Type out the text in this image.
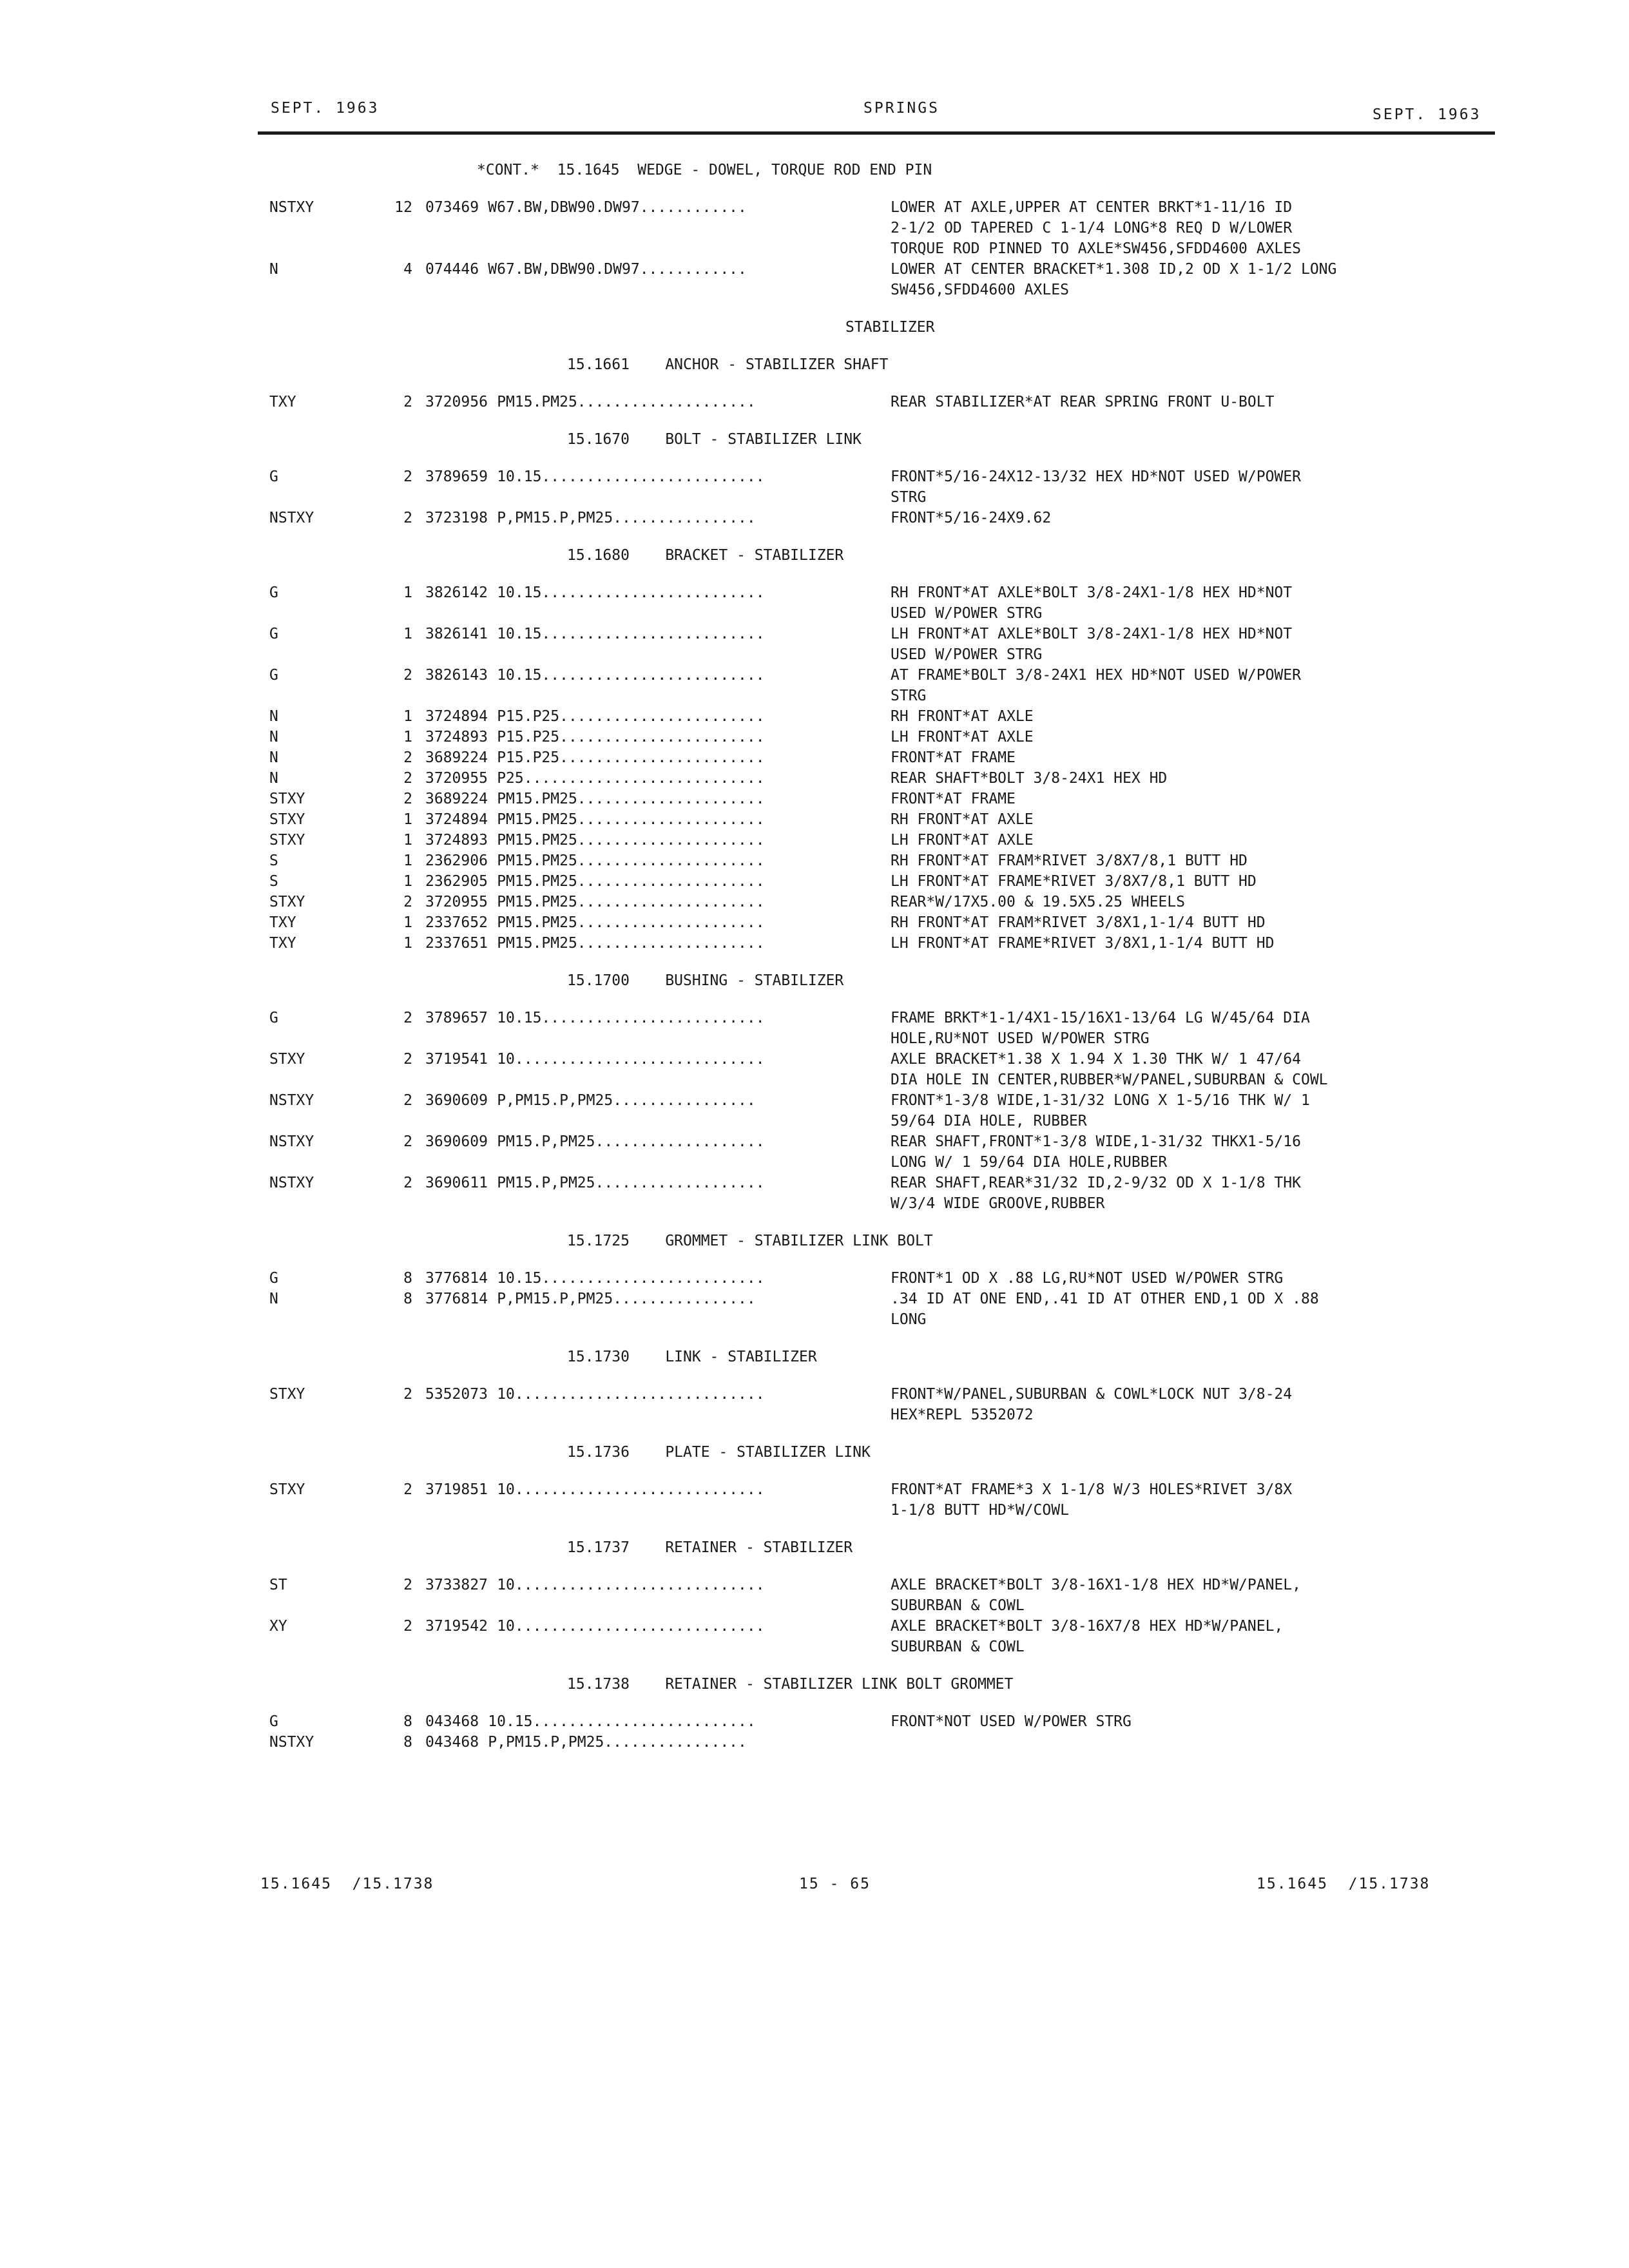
SEPT. 1963	SPRINGS	SEPT. 1963
*CONT.*  15.1645  WEDGE - DOWEL, TORQUE ROD END PIN
NSTXY	12 073469 W67.BW,DBW90.DW97............	LOWER AT AXLE,UPPER AT CENTER BRKT*1-11/16 ID
2-1/2 OD TAPERED C 1-1/4 LONG*8 REQ D W/LOWER
TORQUE ROD PINNED TO AXLE*SW456,SFDD4600 AXLES
N	4 074446 W67.BW,DBW90.DW97............	LOWER AT CENTER BRACKET*1.308 ID,2 OD X 1-1/2 LONG
SW456,SFDD4600 AXLES
STABILIZER
15.1661    ANCHOR - STABILIZER SHAFT
TXY	2 3720956 PM15.PM25....................	REAR STABILIZER*AT REAR SPRING FRONT U-BOLT
15.1670    BOLT - STABILIZER LINK
G	2 3789659 10.15.........................	FRONT*5/16-24X12-13/32 HEX HD*NOT USED W/POWER
STRG
NSTXY	2 3723198 P,PM15.P,PM25................	FRONT*5/16-24X9.62
15.1680    BRACKET - STABILIZER
G	1 3826142 10.15.........................	RH FRONT*AT AXLE*BOLT 3/8-24X1-1/8 HEX HD*NOT
USED W/POWER STRG
G	1 3826141 10.15.........................	LH FRONT*AT AXLE*BOLT 3/8-24X1-1/8 HEX HD*NOT
USED W/POWER STRG
G	2 3826143 10.15.........................	AT FRAME*BOLT 3/8-24X1 HEX HD*NOT USED W/POWER
STRG
N	1 3724894 P15.P25.......................	RH FRONT*AT AXLE
N	1 3724893 P15.P25.......................	LH FRONT*AT AXLE
N	2 3689224 P15.P25.......................	FRONT*AT FRAME
N	2 3720955 P25...........................	REAR SHAFT*BOLT 3/8-24X1 HEX HD
STXY	2 3689224 PM15.PM25.....................	FRONT*AT FRAME
STXY	1 3724894 PM15.PM25.....................	RH FRONT*AT AXLE
STXY	1 3724893 PM15.PM25.....................	LH FRONT*AT AXLE
S	1 2362906 PM15.PM25.....................	RH FRONT*AT FRAM*RIVET 3/8X7/8,1 BUTT HD
S	1 2362905 PM15.PM25.....................	LH FRONT*AT FRAME*RIVET 3/8X7/8,1 BUTT HD
STXY	2 3720955 PM15.PM25.....................	REAR*W/17X5.00 & 19.5X5.25 WHEELS
TXY	1 2337652 PM15.PM25.....................	RH FRONT*AT FRAM*RIVET 3/8X1,1-1/4 BUTT HD
TXY	1 2337651 PM15.PM25.....................	LH FRONT*AT FRAME*RIVET 3/8X1,1-1/4 BUTT HD
15.1700    BUSHING - STABILIZER
G	2 3789657 10.15.........................	FRAME BRKT*1-1/4X1-15/16X1-13/64 LG W/45/64 DIA
HOLE,RU*NOT USED W/POWER STRG
STXY	2 3719541 10............................	AXLE BRACKET*1.38 X 1.94 X 1.30 THK W/ 1 47/64
DIA HOLE IN CENTER,RUBBER*W/PANEL,SUBURBAN & COWL
NSTXY	2 3690609 P,PM15.P,PM25................	FRONT*1-3/8 WIDE,1-31/32 LONG X 1-5/16 THK W/ 1
59/64 DIA HOLE, RUBBER
NSTXY	2 3690609 PM15.P,PM25...................	REAR SHAFT,FRONT*1-3/8 WIDE,1-31/32 THKX1-5/16
LONG W/ 1 59/64 DIA HOLE,RUBBER
NSTXY	2 3690611 PM15.P,PM25...................	REAR SHAFT,REAR*31/32 ID,2-9/32 OD X 1-1/8 THK
W/3/4 WIDE GROOVE,RUBBER
15.1725    GROMMET - STABILIZER LINK BOLT
G	8 3776814 10.15.........................	FRONT*1 OD X .88 LG,RU*NOT USED W/POWER STRG
N	8 3776814 P,PM15.P,PM25................	.34 ID AT ONE END,.41 ID AT OTHER END,1 OD X .88
LONG
15.1730    LINK - STABILIZER
STXY	2 5352073 10............................	FRONT*W/PANEL,SUBURBAN & COWL*LOCK NUT 3/8-24
HEX*REPL 5352072
15.1736    PLATE - STABILIZER LINK
STXY	2 3719851 10............................	FRONT*AT FRAME*3 X 1-1/8 W/3 HOLES*RIVET 3/8X
1-1/8 BUTT HD*W/COWL
15.1737    RETAINER - STABILIZER
ST	2 3733827 10............................	AXLE BRACKET*BOLT 3/8-16X1-1/8 HEX HD*W/PANEL,
SUBURBAN & COWL
XY	2 3719542 10............................	AXLE BRACKET*BOLT 3/8-16X7/8 HEX HD*W/PANEL,
SUBURBAN & COWL
15.1738    RETAINER - STABILIZER LINK BOLT GROMMET
G	8 043468 10.15.........................	FRONT*NOT USED W/POWER STRG
NSTXY	8 043468 P,PM15.P,PM25................
15.1645  /15.1738	15 - 65	15.1645  /15.1738
